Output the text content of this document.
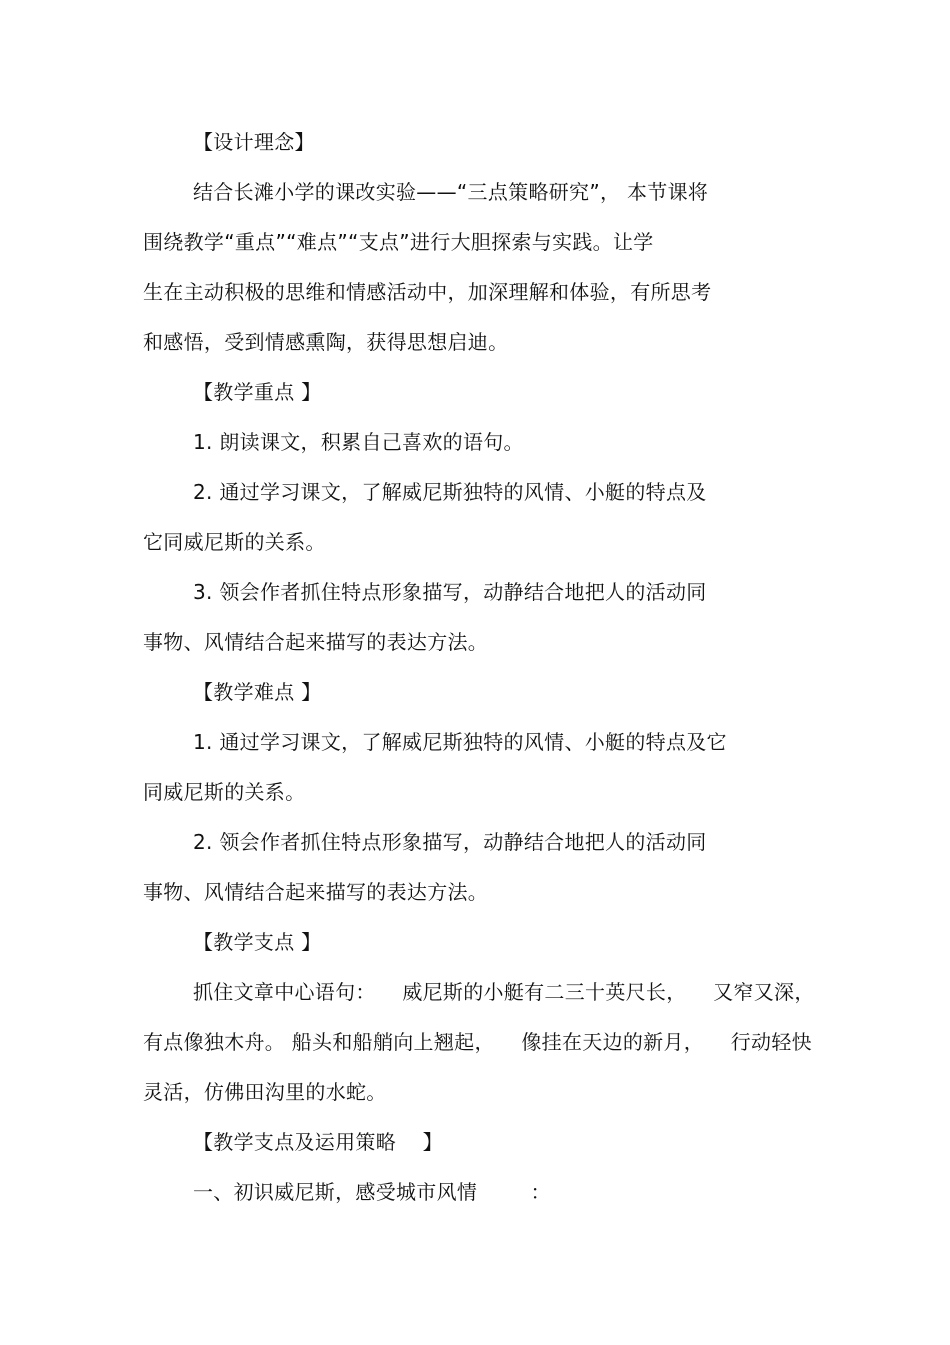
【设计理念】
结合长滩小学的课改实验——“三点策略研究”， 本节课将
围绕教学“重点”“难点”“支点”进行大胆探索与实践。让学
生在主动积极的思维和情感活动中，加深理解和体验，有所思考
和感悟，受到情感熏陶，获得思想启迪。
【教学重点 】
1. 朗读课文，积累自己喜欢的语句。
2. 通过学习课文，了解威尼斯独特的风情、小艇的特点及
它同威尼斯的关系。
3. 领会作者抓住特点形象描写，动静结合地把人的活动同
事物、风情结合起来描写的表达方法。
【教学难点 】
1. 通过学习课文，了解威尼斯独特的风情、小艇的特点及它
同威尼斯的关系。
2. 领会作者抓住特点形象描写，动静结合地把人的活动同
事物、风情结合起来描写的表达方法。
【教学支点 】
抓住文章中心语句：    威尼斯的小艇有二三十英尺长，    又窄又深，
有点像独木舟。 船头和船艄向上翘起，    像挂在天边的新月，    行动轻快
灵活，仿佛田沟里的水蛇。
【教学支点及运用策略    】
一、初识威尼斯，感受城市风情        ：
